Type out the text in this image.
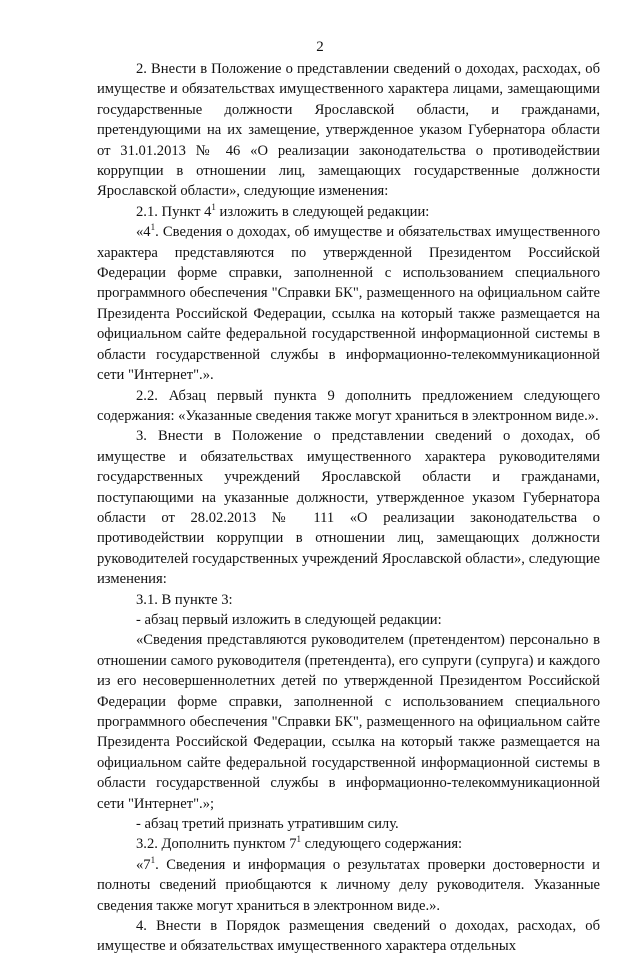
2

2. Внести в Положение о представлении сведений о доходах, расходах, об имуществе и обязательствах имущественного характера лицами, замещающими государственные должности Ярославской области, и гражданами, претендующими на их замещение, утвержденное указом Губернатора области от 31.01.2013 № 46 «О реализации законодательства о противодействии коррупции в отношении лиц, замещающих государственные должности Ярославской области», следующие изменения:

2.1. Пункт $4^1$ изложить в следующей редакции:

«$4^1$. Сведения о доходах, об имуществе и обязательствах имущественного характера представляются по утвержденной Президентом Российской Федерации форме справки, заполненной с использованием специального программного обеспечения "Справки БК", размещенного на официальном сайте Президента Российской Федерации, ссылка на который также размещается на официальном сайте федеральной государственной информационной системы в области государственной службы в информационно-телекоммуникационной сети "Интернет".».

2.2. Абзац первый пункта 9 дополнить предложением следующего содержания: «Указанные сведения также могут храниться в электронном виде.».

3. Внести в Положение о представлении сведений о доходах, об имуществе и обязательствах имущественного характера руководителями государственных учреждений Ярославской области и гражданами, поступающими на указанные должности, утвержденное указом Губернатора области от 28.02.2013 № 111 «О реализации законодательства о противодействии коррупции в отношении лиц, замещающих должности руководителей государственных учреждений Ярославской области», следующие изменения:

3.1. В пункте 3:

- абзац первый изложить в следующей редакции:

«Сведения представляются руководителем (претендентом) персонально в отношении самого руководителя (претендента), его супруги (супруга) и каждого из его несовершеннолетних детей по утвержденной Президентом Российской Федерации форме справки, заполненной с использованием специального программного обеспечения "Справки БК", размещенного на официальном сайте Президента Российской Федерации, ссылка на который также размещается на официальном сайте федеральной государственной информационной системы в области государственной службы в информационно-телекоммуникационной сети "Интернет".»;

- абзац третий признать утратившим силу.

3.2. Дополнить пунктом $7^1$ следующего содержания:

«$7^1$. Сведения и информация о результатах проверки достоверности и полноты сведений приобщаются к личному делу руководителя. Указанные сведения также могут храниться в электронном виде.».

4. Внести в Порядок размещения сведений о доходах, расходах, об имуществе и обязательствах имущественного характера отдельных
